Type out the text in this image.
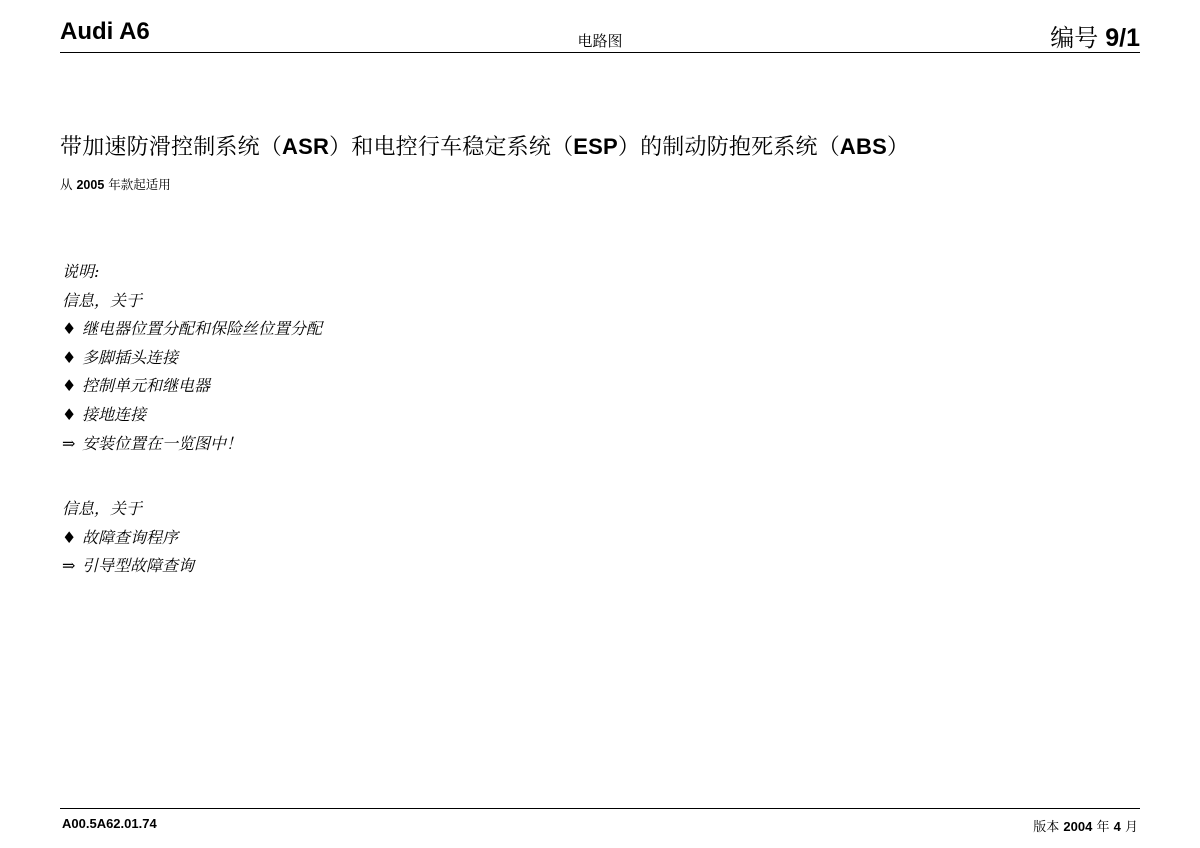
Audi A6	电路图	编号 9/1
带加速防滑控制系统（ASR）和电控行车稳定系统（ESP）的制动防抱死系统（ABS）
从 2005 年款起适用
说明:
信息，关于
♦ 继电器位置分配和保险丝位置分配
♦ 多脚插头连接
♦ 控制单元和继电器
♦ 接地连接
⇒ 安装位置在一览图中！
信息，关于
♦ 故障查询程序
⇒ 引导型故障查询
A00.5A62.01.74	版本 2004 年 4 月
